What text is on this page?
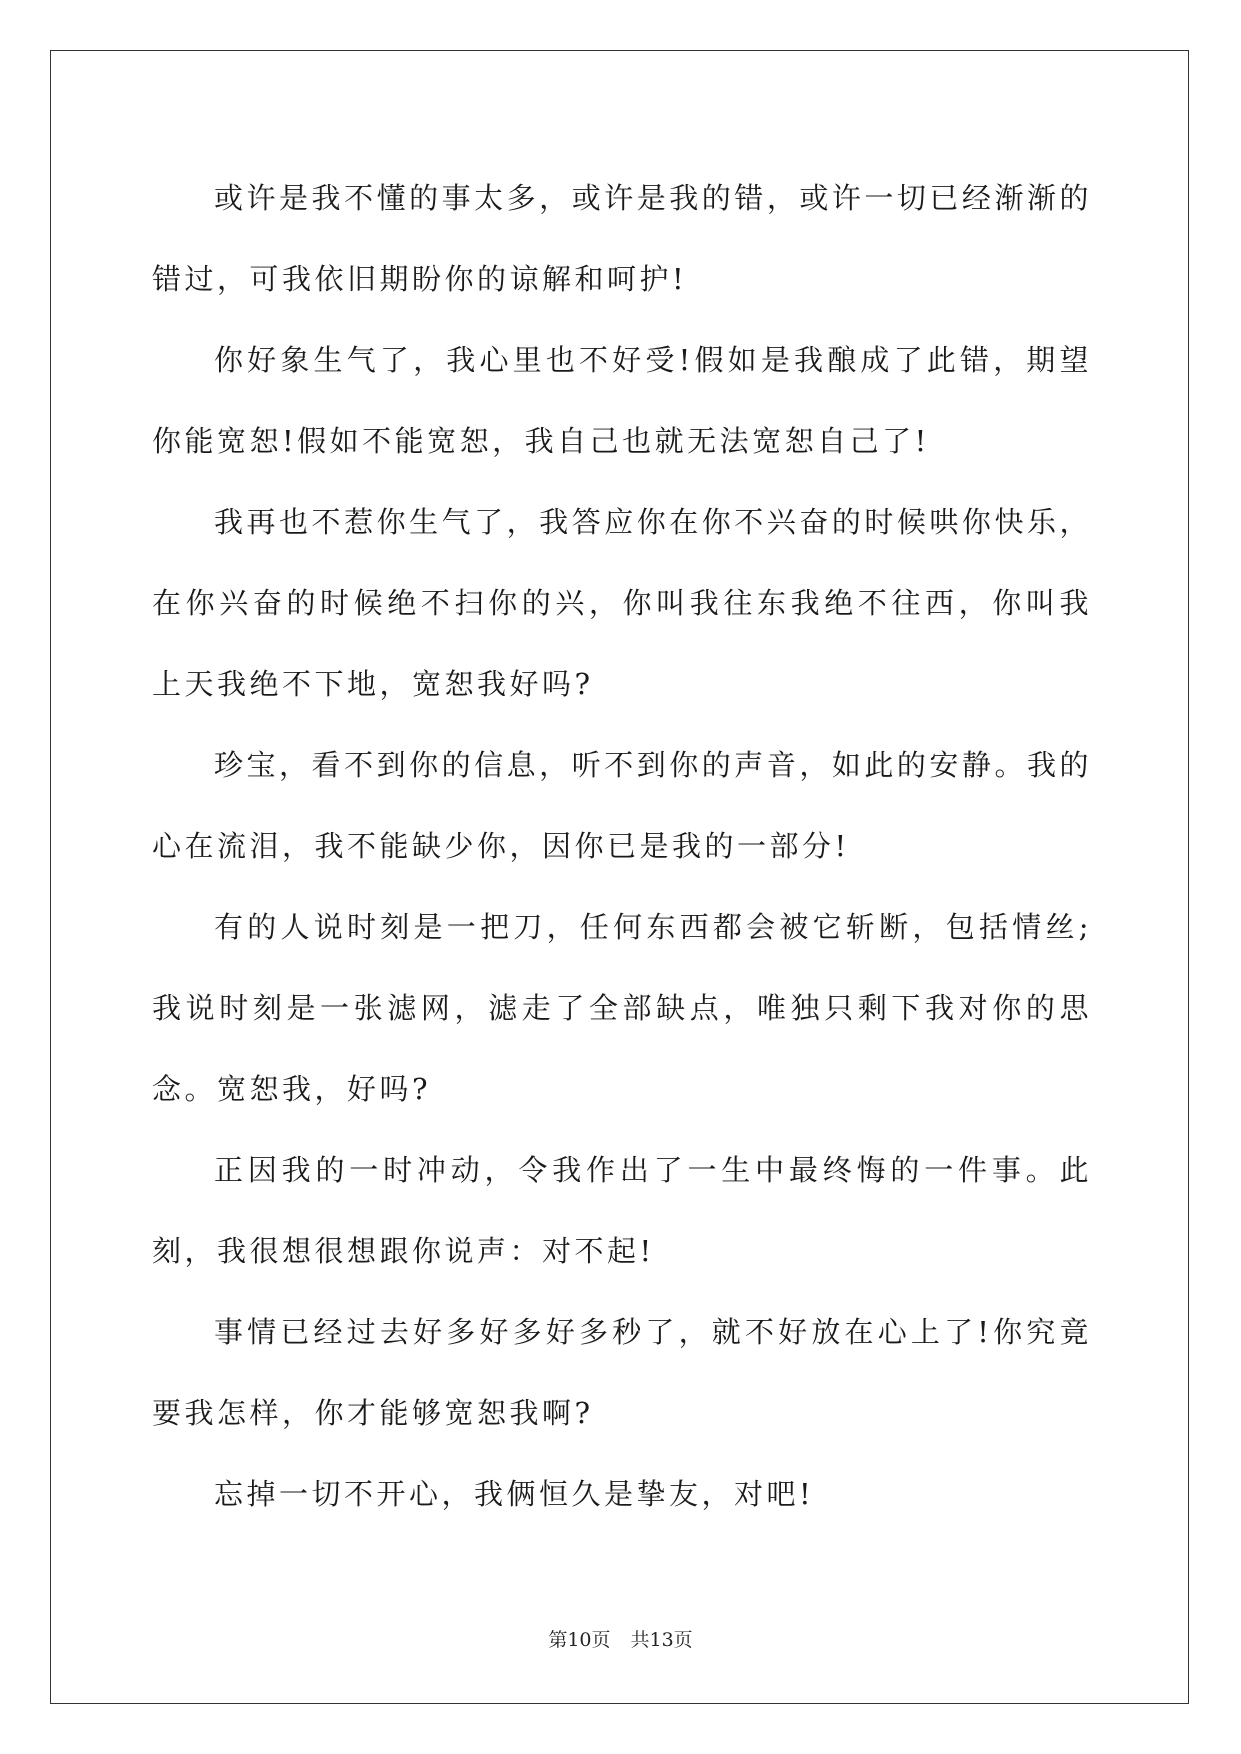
或许是我不懂的事太多，或许是我的错，或许一切已经渐渐的错过，可我依旧期盼你的谅解和呵护!

你好象生气了，我心里也不好受!假如是我酿成了此错，期望你能宽恕!假如不能宽恕，我自己也就无法宽恕自己了!

我再也不惹你生气了，我答应你在你不兴奋的时候哄你快乐，在你兴奋的时候绝不扫你的兴，你叫我往东我绝不往西，你叫我上天我绝不下地，宽恕我好吗?

珍宝，看不到你的信息，听不到你的声音，如此的安静。我的心在流泪，我不能缺少你，因你已是我的一部分!

有的人说时刻是一把刀，任何东西都会被它斩断，包括情丝;我说时刻是一张滤网，滤走了全部缺点，唯独只剩下我对你的思念。宽恕我，好吗?

正因我的一时冲动，令我作出了一生中最终悔的一件事。此刻，我很想很想跟你说声：对不起!

事情已经过去好多好多好多秒了，就不好放在心上了!你究竟要我怎样，你才能够宽恕我啊?

忘掉一切不开心，我俩恒久是挚友，对吧!

第10页 共13页
